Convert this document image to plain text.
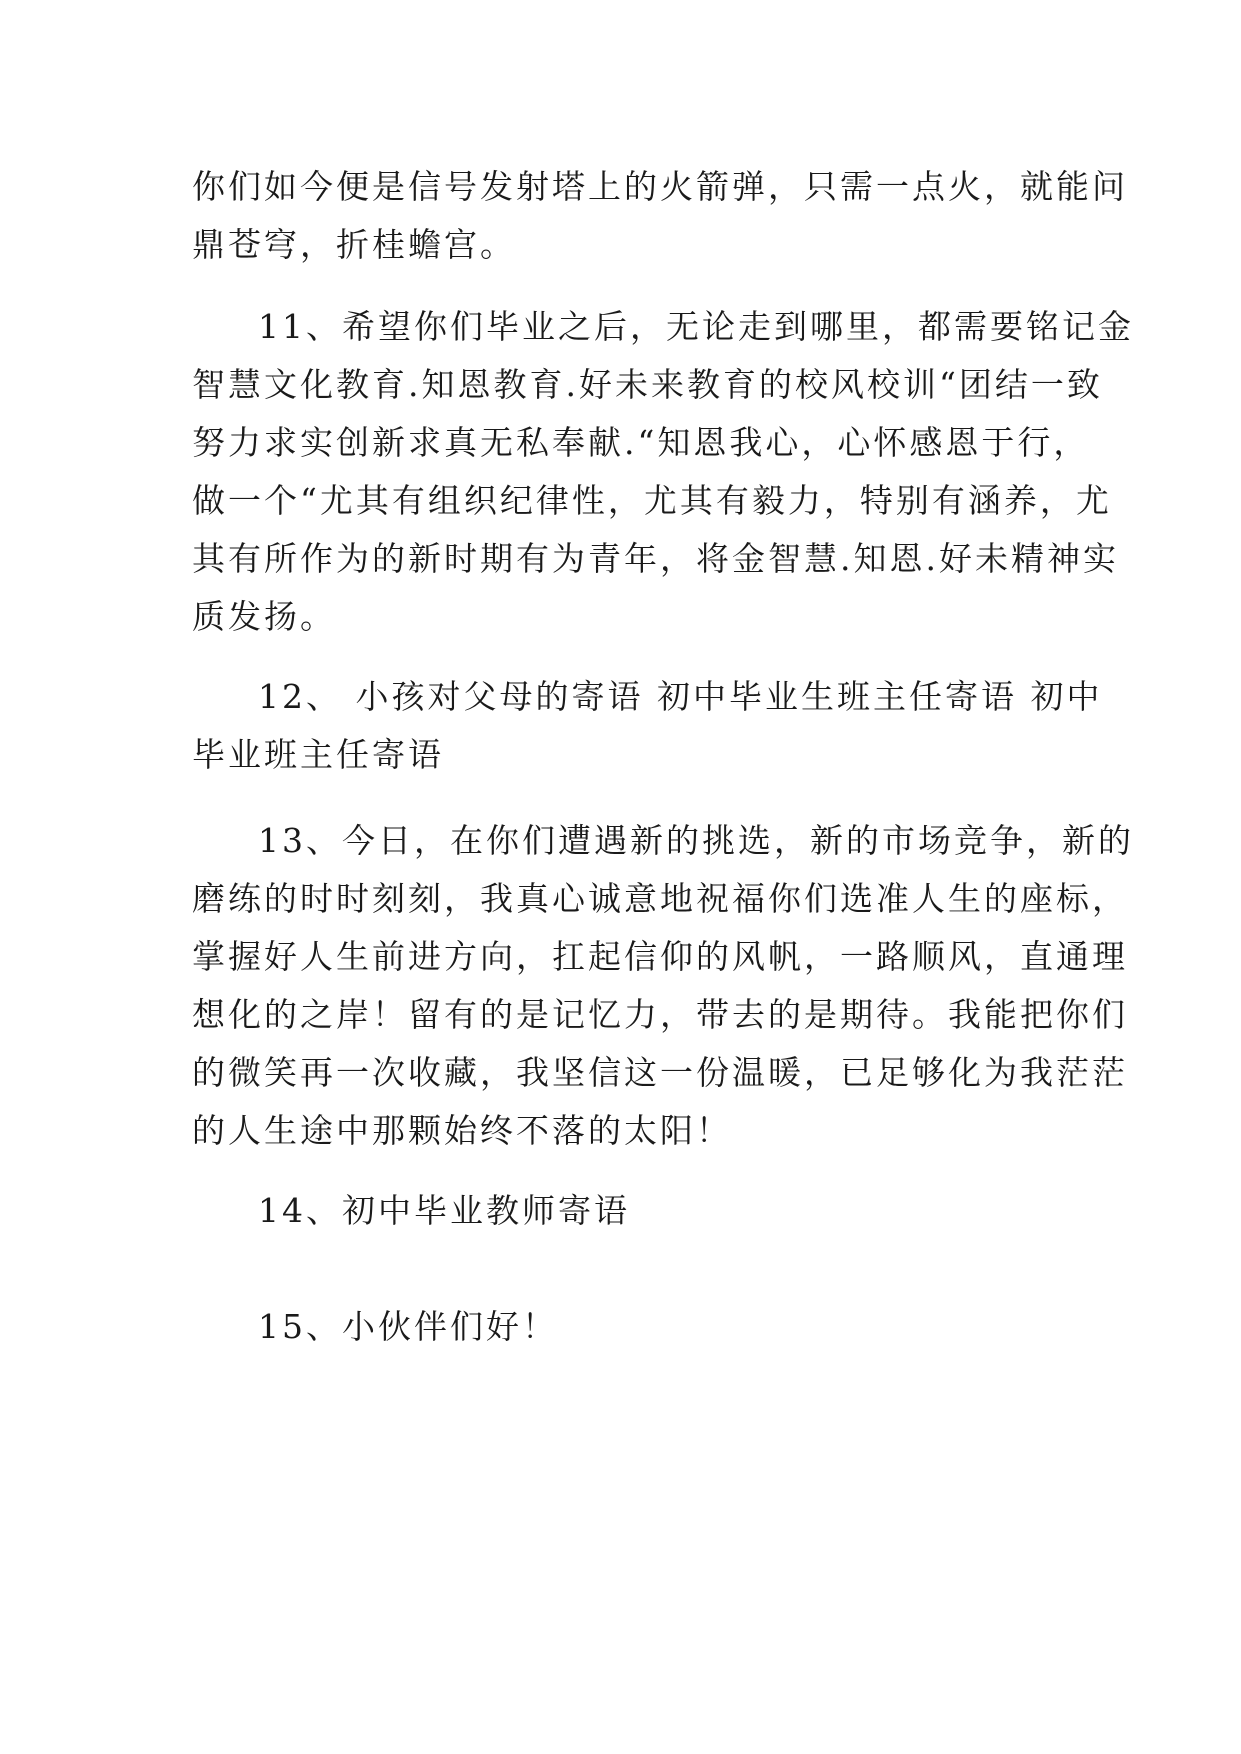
你们如今便是信号发射塔上的火箭弹，只需一点火，就能问
鼎苍穹，折桂蟾宫。
11、希望你们毕业之后，无论走到哪里，都需要铭记金
智慧文化教育.知恩教育.好未来教育的校风校训“团结一致
努力求实创新求真无私奉献.“知恩我心，心怀感恩于行，
做一个“尤其有组织纪律性，尤其有毅力，特别有涵养，尤
其有所作为的新时期有为青年，将金智慧.知恩.好未精神实
质发扬。
12、 小孩对父母的寄语 初中毕业生班主任寄语 初中
毕业班主任寄语
13、今日，在你们遭遇新的挑选，新的市场竞争，新的
磨练的时时刻刻，我真心诚意地祝福你们选准人生的座标，
掌握好人生前进方向，扛起信仰的风帆，一路顺风，直通理
想化的之岸！留有的是记忆力，带去的是期待。我能把你们
的微笑再一次收藏，我坚信这一份温暖，已足够化为我茫茫
的人生途中那颗始终不落的太阳！
14、初中毕业教师寄语
15、小伙伴们好！
